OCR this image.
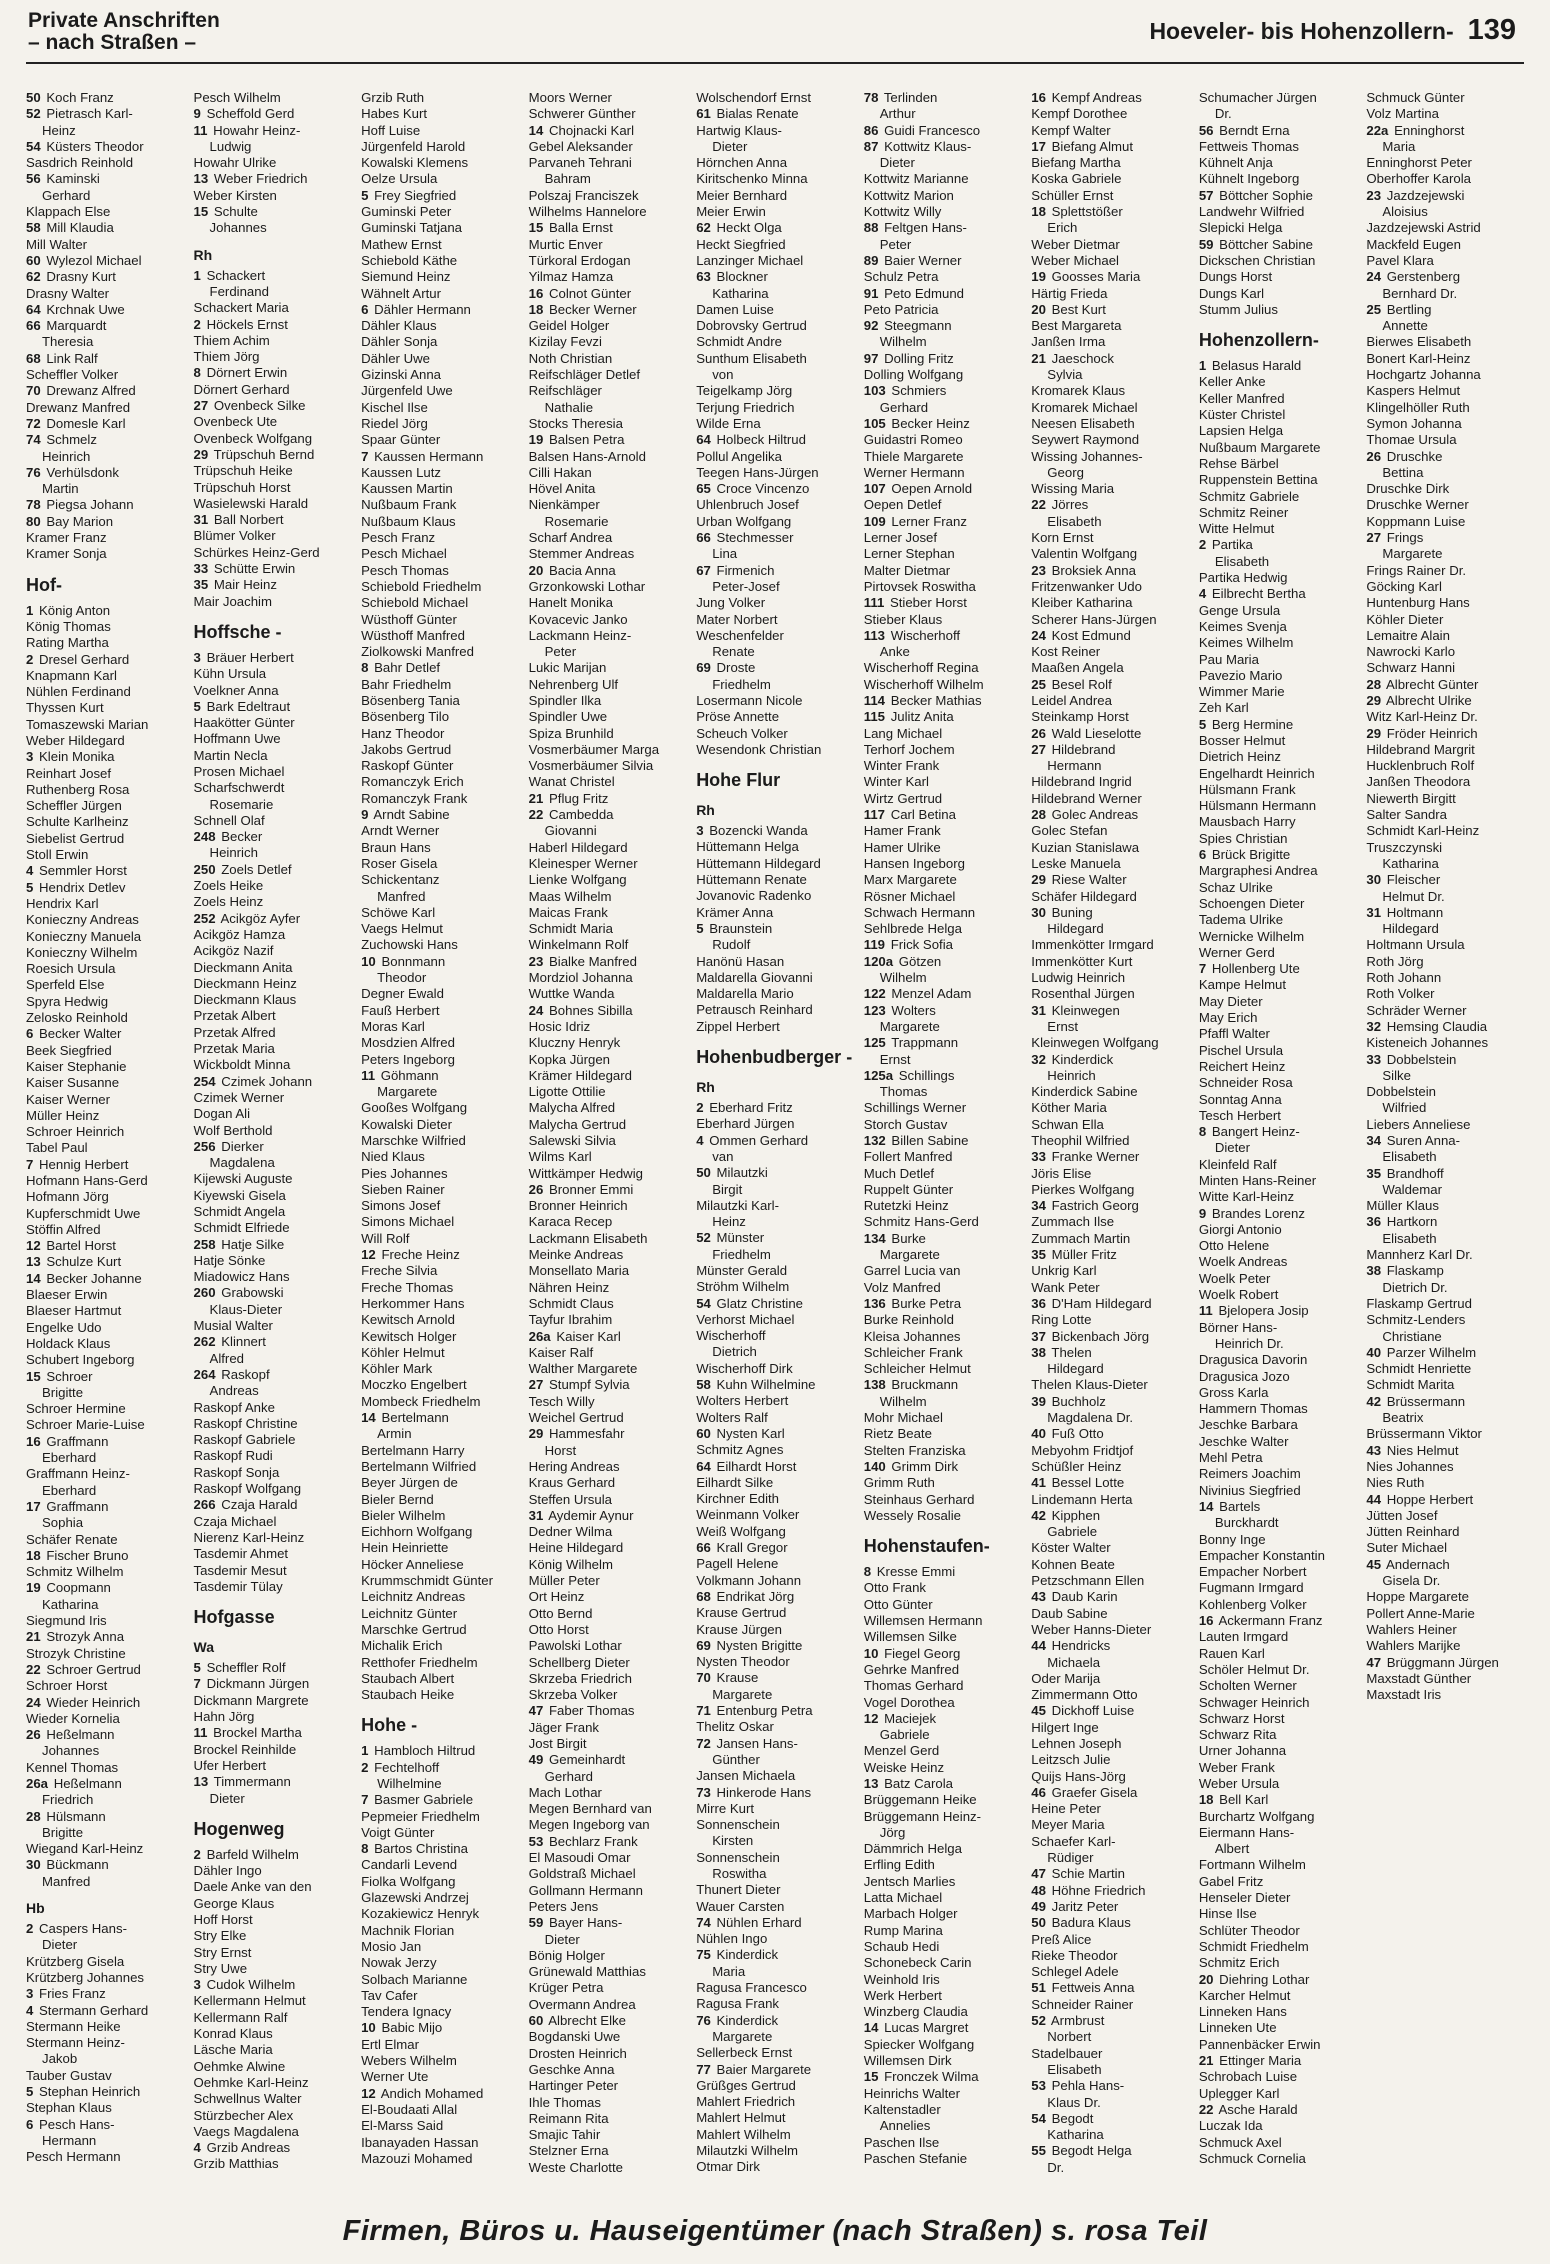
Private Anschriften
– nach Straßen –	Hoeveler- bis Hohenzollern- 139
50 Koch Franz
52 Pietrasch Karl-
Heinz
54 Küsters Theodor
Sasdrich Reinhold
56 Kaminski
Gerhard
Klappach Else
58 Mill Klaudia
Mill Walter
60 Wylezol Michael
62 Drasny Kurt
Drasny Walter
64 Krchnak Uwe
66 Marquardt
Theresia
68 Link Ralf
Scheffler Volker
70 Drewanz Alfred
Drewanz Manfred
72 Domesle Karl
74 Schmelz
Heinrich
76 Verhülsdonk
Martin
78 Piegsa Johann
80 Bay Marion
Kramer Franz
Kramer Sonja
Hof-
1 König Anton
König Thomas
Rating Martha
2 Dresel Gerhard
Knapmann Karl
Nühlen Ferdinand
Thyssen Kurt
Tomaszewski Marian
Weber Hildegard
3 Klein Monika
Reinhart Josef
Ruthenberg Rosa
Scheffler Jürgen
Schulte Karlheinz
Siebelist Gertrud
Stoll Erwin
4 Semmler Horst
5 Hendrix Detlev
Hendrix Karl
Konieczny Andreas
Konieczny Manuela
Konieczny Wilhelm
Roesich Ursula
Sperfeld Else
Spyra Hedwig
Zelosko Reinhold
6 Becker Walter
Beek Siegfried
Kaiser Stephanie
Kaiser Susanne
Kaiser Werner
Müller Heinz
Schroer Heinrich
Tabel Paul
7 Hennig Herbert
Hofmann Hans-Gerd
Hofmann Jörg
Kupferschmidt Uwe
Stöffin Alfred
12 Bartel Horst
13 Schulze Kurt
14 Becker Johanne
Blaeser Erwin
Blaeser Hartmut
Engelke Udo
Holdack Klaus
Schubert Ingeborg
15 Schroer
Brigitte
Schroer Hermine
Schroer Marie-Luise
16 Graffmann
Eberhard
Graffmann Heinz-
Eberhard
17 Graffmann
Sophia
Schäfer Renate
18 Fischer Bruno
Schmitz Wilhelm
19 Coopmann
Katharina
Siegmund Iris
21 Strozyk Anna
Strozyk Christine
22 Schroer Gertrud
Schroer Horst
24 Wieder Heinrich
Wieder Kornelia
26 Heßelmann
Johannes
Kennel Thomas
26a Heßelmann
Friedrich
28 Hülsmann
Brigitte
Wiegand Karl-Heinz
30 Bückmann
Manfred
Hb
2 Caspers Hans-
Dieter
Krützberg Gisela
Krützberg Johannes
3 Fries Franz
4 Stermann Gerhard
Stermann Heike
Stermann Heinz-
Jakob
Tauber Gustav
5 Stephan Heinrich
Stephan Klaus
6 Pesch Hans-
Hermann
Pesch Hermann
Pesch Wilhelm
9 Scheffold Gerd
11 Howahr Heinz-
Ludwig
Howahr Ulrike
13 Weber Friedrich
Weber Kirsten
15 Schulte
Johannes
Rh
1 Schackert
Ferdinand
Schackert Maria
2 Höckels Ernst
Thiem Achim
Thiem Jörg
8 Dörnert Erwin
Dörnert Gerhard
27 Ovenbeck Silke
Ovenbeck Ute
Ovenbeck Wolfgang
29 Trüpschuh Bernd
Trüpschuh Heike
Trüpschuh Horst
Wasielewski Harald
31 Ball Norbert
Blümer Volker
Schürkes Heinz-Gerd
33 Schütte Erwin
35 Mair Heinz
Mair Joachim
Hoffsche -
3 Bräuer Herbert
Kühn Ursula
Voelkner Anna
5 Bark Edeltraut
Haakötter Günter
Hoffmann Uwe
Martin Necla
Prosen Michael
Scharfschwerdt
Rosemarie
Schnell Olaf
248 Becker
Heinrich
250 Zoels Detlef
Zoels Heike
Zoels Heinz
252 Acikgöz Ayfer
Acikgöz Hamza
Acikgöz Nazif
Dieckmann Anita
Dieckmann Heinz
Dieckmann Klaus
Przetak Albert
Przetak Alfred
Przetak Maria
Wickboldt Minna
254 Czimek Johann
Czimek Werner
Dogan Ali
Wolf Berthold
256 Dierker
Magdalena
Kijewski Auguste
Kiyewski Gisela
Schmidt Angela
Schmidt Elfriede
258 Hatje Silke
Hatje Sönke
Miadowicz Hans
260 Grabowski
Klaus-Dieter
Musial Walter
262 Klinnert
Alfred
264 Raskopf
Andreas
Raskopf Anke
Raskopf Christine
Raskopf Gabriele
Raskopf Rudi
Raskopf Sonja
Raskopf Wolfgang
266 Czaja Harald
Czaja Michael
Nierenz Karl-Heinz
Tasdemir Ahmet
Tasdemir Mesut
Tasdemir Tülay
Hofgasse
Wa
5 Scheffler Rolf
7 Dickmann Jürgen
Dickmann Margrete
Hahn Jörg
11 Brockel Martha
Brockel Reinhilde
Ufer Herbert
13 Timmermann
Dieter
Hogenweg
2 Barfeld Wilhelm
Dähler Ingo
Daele Anke van den
George Klaus
Hoff Horst
Stry Elke
Stry Ernst
Stry Uwe
3 Cudok Wilhelm
Kellermann Helmut
Kellermann Ralf
Konrad Klaus
Läsche Maria
Oehmke Alwine
Oehmke Karl-Heinz
Schwellnus Walter
Stürzbecher Alex
Vaegs Magdalena
4 Grzib Andreas
Grzib Matthias
Grzib Ruth
Habes Kurt
Hoff Luise
Jürgenfeld Harold
Kowalski Klemens
Oelze Ursula
5 Frey Siegfried
Guminski Peter
Guminski Tatjana
Mathew Ernst
Schiebold Käthe
Siemund Heinz
Wähnelt Artur
6 Dähler Hermann
Dähler Klaus
Dähler Sonja
Dähler Uwe
Gizinski Anna
Jürgenfeld Uwe
Kischel Ilse
Riedel Jörg
Spaar Günter
7 Kaussen Hermann
Kaussen Lutz
Kaussen Martin
Nußbaum Frank
Nußbaum Klaus
Pesch Franz
Pesch Michael
Pesch Thomas
Schiebold Friedhelm
Schiebold Michael
Wüsthoff Günter
Wüsthoff Manfred
Ziolkowski Manfred
8 Bahr Detlef
Bahr Friedhelm
Bösenberg Tania
Bösenberg Tilo
Hanz Theodor
Jakobs Gertrud
Raskopf Günter
Romanczyk Erich
Romanczyk Frank
9 Arndt Sabine
Arndt Werner
Braun Hans
Roser Gisela
Schickentanz
Manfred
Schöwe Karl
Vaegs Helmut
Zuchowski Hans
10 Bonnmann
Theodor
Degner Ewald
Fauß Herbert
Moras Karl
Mosdzien Alfred
Peters Ingeborg
11 Göhmann
Margarete
Gooßes Wolfgang
Kowalski Dieter
Marschke Wilfried
Nied Klaus
Pies Johannes
Sieben Rainer
Simons Josef
Simons Michael
Will Rolf
12 Freche Heinz
Freche Silvia
Freche Thomas
Herkommer Hans
Kewitsch Arnold
Kewitsch Holger
Köhler Helmut
Köhler Mark
Moczko Engelbert
Mombeck Friedhelm
14 Bertelmann
Armin
Bertelmann Harry
Bertelmann Wilfried
Beyer Jürgen de
Bieler Bernd
Bieler Wilhelm
Eichhorn Wolfgang
Hein Heinriette
Höcker Anneliese
Krummschmidt Günter
Leichnitz Andreas
Leichnitz Günter
Marschke Gertrud
Michalik Erich
Retthofer Friedhelm
Staubach Albert
Staubach Heike
Hohe -
1 Hambloch Hiltrud
2 Fechtelhoff
Wilhelmine
7 Basmer Gabriele
Pepmeier Friedhelm
Voigt Günter
8 Bartos Christina
Candarli Levend
Fiolka Wolfgang
Glazewski Andrzej
Kozakiewicz Henryk
Machnik Florian
Mosio Jan
Nowak Jerzy
Solbach Marianne
Tav Cafer
Tendera Ignacy
10 Babic Mijo
Ertl Elmar
Webers Wilhelm
Werner Ute
12 Andich Mohamed
El-Boudaati Allal
El-Marss Said
Ibanayaden Hassan
Mazouzi Mohamed
Moors Werner
Schwerer Günther
14 Chojnacki Karl
Gebel Aleksander
Parvaneh Tehrani
Bahram
Polszaj Franciszek
Wilhelms Hannelore
15 Balla Ernst
Murtic Enver
Türkoral Erdogan
Yilmaz Hamza
16 Colnot Günter
18 Becker Werner
Geidel Holger
Kizilay Fevzi
Noth Christian
Reifschläger Detlef
Reifschläger
Nathalie
Stocks Theresia
19 Balsen Petra
Balsen Hans-Arnold
Cilli Hakan
Hövel Anita
Nienkämper
Rosemarie
Scharf Andrea
Stemmer Andreas
20 Bacia Anna
Grzonkowski Lothar
Hanelt Monika
Kovacevic Janko
Lackmann Heinz-
Peter
Lukic Marijan
Nehrenberg Ulf
Spindler Ilka
Spindler Uwe
Spiza Brunhild
Vosmerbäumer Marga
Vosmerbäumer Silvia
Wanat Christel
21 Pflug Fritz
22 Cambedda
Giovanni
Haberl Hildegard
Kleinesper Werner
Lienke Wolfgang
Maas Wilhelm
Maicas Frank
Schmidt Maria
Winkelmann Rolf
23 Bialke Manfred
Mordziol Johanna
Wuttke Wanda
24 Bohnes Sibilla
Hosic Idriz
Kluczny Henryk
Kopka Jürgen
Krämer Hildegard
Ligotte Ottilie
Malycha Alfred
Malycha Gertrud
Salewski Silvia
Wilms Karl
Wittkämper Hedwig
26 Bronner Emmi
Bronner Heinrich
Karaca Recep
Lackmann Elisabeth
Meinke Andreas
Monsellato Maria
Nähren Heinz
Schmidt Claus
Tayfur Ibrahim
26a Kaiser Karl
Kaiser Ralf
Walther Margarete
27 Stumpf Sylvia
Tesch Willy
Weichel Gertrud
29 Hammesfahr
Horst
Hering Andreas
Kraus Gerhard
Steffen Ursula
31 Aydemir Aynur
Dedner Wilma
Heine Hildegard
König Wilhelm
Müller Peter
Ort Heinz
Otto Bernd
Otto Horst
Pawolski Lothar
Schellberg Dieter
Skrzeba Friedrich
Skrzeba Volker
47 Faber Thomas
Jäger Frank
Jost Birgit
49 Gemeinhardt
Gerhard
Mach Lothar
Megen Bernhard van
Megen Ingeborg van
53 Bechlarz Frank
El Masoudi Omar
Goldstraß Michael
Gollmann Hermann
Peters Jens
59 Bayer Hans-
Dieter
Bönig Holger
Grünewald Matthias
Krüger Petra
Overmann Andrea
60 Albrecht Elke
Bogdanski Uwe
Drosten Heinrich
Geschke Anna
Hartinger Peter
Ihle Thomas
Reimann Rita
Smajic Tahir
Stelzner Erna
Weste Charlotte
Wolschendorf Ernst
61 Bialas Renate
Hartwig Klaus-
Dieter
Hörnchen Anna
Kiritschenko Minna
Meier Bernhard
Meier Erwin
62 Heckt Olga
Heckt Siegfried
Lanzinger Michael
63 Blockner
Katharina
Damen Luise
Dobrovsky Gertrud
Schmidt Andre
Sunthum Elisabeth
von
Teigelkamp Jörg
Terjung Friedrich
Wilde Erna
64 Holbeck Hiltrud
Pollul Angelika
Teegen Hans-Jürgen
65 Croce Vincenzo
Uhlenbruch Josef
Urban Wolfgang
66 Stechmesser
Lina
67 Firmenich
Peter-Josef
Jung Volker
Mater Norbert
Weschenfelder
Renate
69 Droste
Friedhelm
Losermann Nicole
Pröse Annette
Scheuch Volker
Wesendonk Christian
Hohe Flur
Rh
3 Bozencki Wanda
Hüttemann Helga
Hüttemann Hildegard
Hüttemann Renate
Jovanovic Radenko
Krämer Anna
5 Braunstein
Rudolf
Hanönü Hasan
Maldarella Giovanni
Maldarella Mario
Petrausch Reinhard
Zippel Herbert
Hohenbudberger -
Rh
2 Eberhard Fritz
Eberhard Jürgen
4 Ommen Gerhard
van
50 Milautzki
Birgit
Milautzki Karl-
Heinz
52 Münster
Friedhelm
Münster Gerald
Ströhm Wilhelm
54 Glatz Christine
Verhorst Michael
Wischerhoff
Dietrich
Wischerhoff Dirk
58 Kuhn Wilhelmine
Wolters Herbert
Wolters Ralf
60 Nysten Karl
Schmitz Agnes
64 Eilhardt Horst
Eilhardt Silke
Kirchner Edith
Weinmann Volker
Weiß Wolfgang
66 Krall Gregor
Pagell Helene
Volkmann Johann
68 Endrikat Jörg
Krause Gertrud
Krause Jürgen
69 Nysten Brigitte
Nysten Theodor
70 Krause
Margarete
71 Entenburg Petra
Thelitz Oskar
72 Jansen Hans-
Günther
Jansen Michaela
73 Hinkerode Hans
Mirre Kurt
Sonnenschein
Kirsten
Sonnenschein
Roswitha
Thunert Dieter
Wauer Carsten
74 Nühlen Erhard
Nühlen Ingo
75 Kinderdick
Maria
Ragusa Francesco
Ragusa Frank
76 Kinderdick
Margarete
Sellerbeck Ernst
77 Baier Margarete
Grüßges Gertrud
Mahlert Friedrich
Mahlert Helmut
Mahlert Wilhelm
Milautzki Wilhelm
Otmar Dirk
78 Terlinden
Arthur
86 Guidi Francesco
87 Kottwitz Klaus-
Dieter
Kottwitz Marianne
Kottwitz Marion
Kottwitz Willy
88 Feltgen Hans-
Peter
89 Baier Werner
Schulz Petra
91 Peto Edmund
Peto Patricia
92 Steegmann
Wilhelm
97 Dolling Fritz
Dolling Wolfgang
103 Schmiers
Gerhard
105 Becker Heinz
Guidastri Romeo
Thiele Margarete
Werner Hermann
107 Oepen Arnold
Oepen Detlef
109 Lerner Franz
Lerner Josef
Lerner Stephan
Malter Dietmar
Pirtovsek Roswitha
111 Stieber Horst
Stieber Klaus
113 Wischerhoff
Anke
Wischerhoff Regina
Wischerhoff Wilhelm
114 Becker Mathias
115 Julitz Anita
Lang Michael
Terhorf Jochem
Winter Frank
Winter Karl
Wirtz Gertrud
117 Carl Betina
Hamer Frank
Hamer Ulrike
Hansen Ingeborg
Marx Margarete
Rösner Michael
Schwach Hermann
Sehlbrede Helga
119 Frick Sofia
120a Götzen
Wilhelm
122 Menzel Adam
123 Wolters
Margarete
125 Trappmann
Ernst
125a Schillings
Thomas
Schillings Werner
Storch Gustav
132 Billen Sabine
Follert Manfred
Much Detlef
Ruppelt Günter
Rutetzki Heinz
Schmitz Hans-Gerd
134 Burke
Margarete
Garrel Lucia van
Volz Manfred
136 Burke Petra
Burke Reinhold
Kleisa Johannes
Schleicher Frank
Schleicher Helmut
138 Bruckmann
Wilhelm
Mohr Michael
Rietz Beate
Stelten Franziska
140 Grimm Dirk
Grimm Ruth
Steinhaus Gerhard
Wessely Rosalie
Hohenstaufen-
8 Kresse Emmi
Otto Frank
Otto Günter
Willemsen Hermann
Willemsen Silke
10 Fiegel Georg
Gehrke Manfred
Thomas Gerhard
Vogel Dorothea
12 Maciejek
Gabriele
Menzel Gerd
Weiske Heinz
13 Batz Carola
Brüggemann Heike
Brüggemann Heinz-
Jörg
Dämmrich Helga
Erfling Edith
Jentsch Marlies
Latta Michael
Marbach Holger
Rump Marina
Schaub Hedi
Schonebeck Carin
Weinhold Iris
Werk Herbert
Winzberg Claudia
14 Lucas Margret
Spiecker Wolfgang
Willemsen Dirk
15 Fronczek Wilma
Heinrichs Walter
Kaltenstadler
Annelies
Paschen Ilse
Paschen Stefanie
16 Kempf Andreas
Kempf Dorothee
Kempf Walter
17 Biefang Almut
Biefang Martha
Koska Gabriele
Schüller Ernst
18 Splettstößer
Erich
Weber Dietmar
Weber Michael
19 Goosses Maria
Härtig Frieda
20 Best Kurt
Best Margareta
Janßen Irma
21 Jaeschock
Sylvia
Kromarek Klaus
Kromarek Michael
Neesen Elisabeth
Seywert Raymond
Wissing Johannes-
Georg
Wissing Maria
22 Jörres
Elisabeth
Korn Ernst
Valentin Wolfgang
23 Broksiek Anna
Fritzenwanker Udo
Kleiber Katharina
Scherer Hans-Jürgen
24 Kost Edmund
Kost Reiner
Maaßen Angela
25 Besel Rolf
Leidel Andrea
Steinkamp Horst
26 Wald Lieselotte
27 Hildebrand
Hermann
Hildebrand Ingrid
Hildebrand Werner
28 Golec Andreas
Golec Stefan
Kuzian Stanislawa
Leske Manuela
29 Riese Walter
Schäfer Hildegard
30 Buning
Hildegard
Immenkötter Irmgard
Immenkötter Kurt
Ludwig Heinrich
Rosenthal Jürgen
31 Kleinwegen
Ernst
Kleinwegen Wolfgang
32 Kinderdick
Heinrich
Kinderdick Sabine
Köther Maria
Schwan Ella
Theophil Wilfried
33 Franke Werner
Jöris Elise
Pierkes Wolfgang
34 Fastrich Georg
Zummach Ilse
Zummach Martin
35 Müller Fritz
Unkrig Karl
Wank Peter
36 D'Ham Hildegard
Ring Lotte
37 Bickenbach Jörg
38 Thelen
Hildegard
Thelen Klaus-Dieter
39 Buchholz
Magdalena Dr.
40 Fuß Otto
Mebyohm Fridtjof
Schüßler Heinz
41 Bessel Lotte
Lindemann Herta
42 Kipphen
Gabriele
Köster Walter
Kohnen Beate
Petzschmann Ellen
43 Daub Karin
Daub Sabine
Weber Hanns-Dieter
44 Hendricks
Michaela
Oder Marija
Zimmermann Otto
45 Dickhoff Luise
Hilgert Inge
Lehnen Joseph
Leitzsch Julie
Quijs Hans-Jörg
46 Graefer Gisela
Heine Peter
Meyer Maria
Schaefer Karl-
Rüdiger
47 Schie Martin
48 Höhne Friedrich
49 Jaritz Peter
50 Badura Klaus
Preß Alice
Rieke Theodor
Schlegel Adele
51 Fettweis Anna
Schneider Rainer
52 Armbrust
Norbert
Stadelbauer
Elisabeth
53 Pehla Hans-
Klaus Dr.
54 Begodt
Katharina
55 Begodt Helga
Dr.
Schumacher Jürgen
Dr.
56 Berndt Erna
Fettweis Thomas
Kühnelt Anja
Kühnelt Ingeborg
57 Böttcher Sophie
Landwehr Wilfried
Slepicki Helga
59 Böttcher Sabine
Dickschen Christian
Dungs Horst
Dungs Karl
Stumm Julius
Hohenzollern-
1 Belasus Harald
Keller Anke
Keller Manfred
Küster Christel
Lapsien Helga
Nußbaum Margarete
Rehse Bärbel
Ruppenstein Bettina
Schmitz Gabriele
Schmitz Reiner
Witte Helmut
2 Partika
Elisabeth
Partika Hedwig
4 Eilbrecht Bertha
Genge Ursula
Keimes Svenja
Keimes Wilhelm
Pau Maria
Pavezio Mario
Wimmer Marie
Zeh Karl
5 Berg Hermine
Bosser Helmut
Dietrich Heinz
Engelhardt Heinrich
Hülsmann Frank
Hülsmann Hermann
Mausbach Harry
Spies Christian
6 Brück Brigitte
Margraphesi Andrea
Schaz Ulrike
Schoengen Dieter
Tadema Ulrike
Wernicke Wilhelm
Werner Gerd
7 Hollenberg Ute
Kampe Helmut
May Dieter
May Erich
Pfaffl Walter
Pischel Ursula
Reichert Heinz
Schneider Rosa
Sonntag Anna
Tesch Herbert
8 Bangert Heinz-
Dieter
Kleinfeld Ralf
Minten Hans-Reiner
Witte Karl-Heinz
9 Brandes Lorenz
Giorgi Antonio
Otto Helene
Woelk Andreas
Woelk Peter
Woelk Robert
11 Bjelopera Josip
Börner Hans-
Heinrich Dr.
Dragusica Davorin
Dragusica Jozo
Gross Karla
Hammern Thomas
Jeschke Barbara
Jeschke Walter
Mehl Petra
Reimers Joachim
Nivinius Siegfried
14 Bartels
Burckhardt
Bonny Inge
Empacher Konstantin
Empacher Norbert
Fugmann Irmgard
Kohlenberg Volker
16 Ackermann Franz
Lauten Irmgard
Rauen Karl
Schöler Helmut Dr.
Scholten Werner
Schwager Heinrich
Schwarz Horst
Schwarz Rita
Urner Johanna
Weber Frank
Weber Ursula
18 Bell Karl
Burchartz Wolfgang
Eiermann Hans-
Albert
Fortmann Wilhelm
Gabel Fritz
Henseler Dieter
Hinse Ilse
Schlüter Theodor
Schmidt Friedhelm
Schmitz Erich
20 Diehring Lothar
Karcher Helmut
Linneken Hans
Linneken Ute
Pannenbäcker Erwin
21 Ettinger Maria
Schrobach Luise
Uplegger Karl
22 Asche Harald
Luczak Ida
Schmuck Axel
Schmuck Cornelia
Schmuck Günter
Volz Martina
22a Enninghorst
Maria
Enninghorst Peter
Oberhoffer Karola
23 Jazdzejewski
Aloisius
Jazdzejewski Astrid
Mackfeld Eugen
Pavel Klara
24 Gerstenberg
Bernhard Dr.
25 Bertling
Annette
Bierwes Elisabeth
Bonert Karl-Heinz
Hochgartz Johanna
Kaspers Helmut
Klingelhöller Ruth
Symon Johanna
Thomae Ursula
26 Druschke
Bettina
Druschke Dirk
Druschke Werner
Koppmann Luise
27 Frings
Margarete
Frings Rainer Dr.
Göcking Karl
Huntenburg Hans
Köhler Dieter
Lemaitre Alain
Nawrocki Karlo
Schwarz Hanni
28 Albrecht Günter
29 Albrecht Ulrike
Witz Karl-Heinz Dr.
29 Fröder Heinrich
Hildebrand Margrit
Hucklenbruch Rolf
Janßen Theodora
Niewerth Birgitt
Salter Sandra
Schmidt Karl-Heinz
Truszczynski
Katharina
30 Fleischer
Helmut Dr.
31 Holtmann
Hildegard
Holtmann Ursula
Roth Jörg
Roth Johann
Roth Volker
Schräder Werner
32 Hemsing Claudia
Kisteneich Johannes
33 Dobbelstein
Silke
Dobbelstein
Wilfried
Liebers Anneliese
34 Suren Anna-
Elisabeth
35 Brandhoff
Waldemar
Müller Klaus
36 Hartkorn
Elisabeth
Mannherz Karl Dr.
38 Flaskamp
Dietrich Dr.
Flaskamp Gertrud
Schmitz-Lenders
Christiane
40 Parzer Wilhelm
Schmidt Henriette
Schmidt Marita
42 Brüssermann
Beatrix
Brüssermann Viktor
43 Nies Helmut
Nies Johannes
Nies Ruth
44 Hoppe Herbert
Jütten Josef
Jütten Reinhard
Suter Michael
45 Andernach
Gisela Dr.
Hoppe Margarete
Pollert Anne-Marie
Wahlers Heiner
Wahlers Marijke
47 Brüggmann Jürgen
Maxstadt Günther
Maxstadt Iris
Firmen, Büros u. Hauseigentümer (nach Straßen) s. rosa Teil
